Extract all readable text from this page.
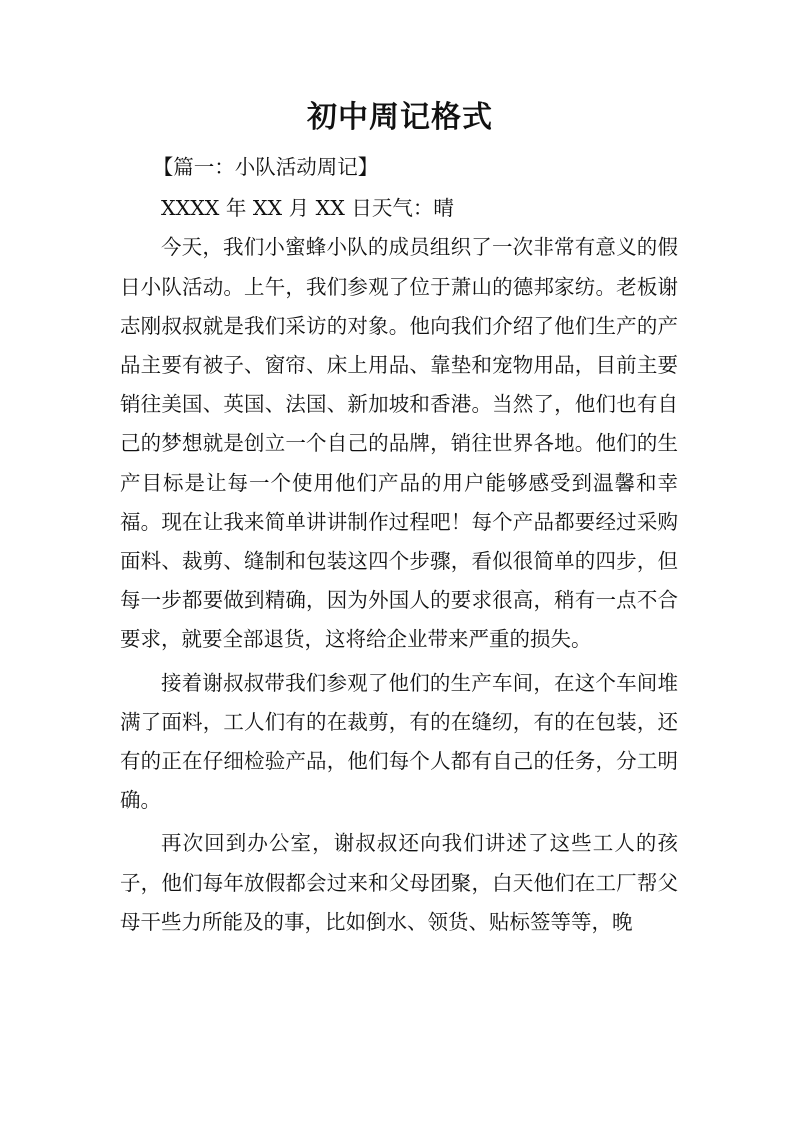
初中周记格式

【篇一：小队活动周记】

XXXX 年 XX 月 XX 日天气：晴

今天，我们小蜜蜂小队的成员组织了一次非常有意义的假日小队活动。上午，我们参观了位于萧山的德邦家纺。老板谢志刚叔叔就是我们采访的对象。他向我们介绍了他们生产的产品主要有被子、窗帘、床上用品、靠垫和宠物用品，目前主要销往美国、英国、法国、新加坡和香港。当然了，他们也有自己的梦想就是创立一个自己的品牌，销往世界各地。他们的生产目标是让每一个使用他们产品的用户能够感受到温馨和幸福。现在让我来简单讲讲制作过程吧！每个产品都要经过采购面料、裁剪、缝制和包装这四个步骤，看似很简单的四步，但每一步都要做到精确，因为外国人的要求很高，稍有一点不合要求，就要全部退货，这将给企业带来严重的损失。

接着谢叔叔带我们参观了他们的生产车间，在这个车间堆满了面料，工人们有的在裁剪，有的在缝纫，有的在包装，还有的正在仔细检验产品，他们每个人都有自己的任务，分工明确。

再次回到办公室，谢叔叔还向我们讲述了这些工人的孩子，他们每年放假都会过来和父母团聚，白天他们在工厂帮父母干些力所能及的事，比如倒水、领货、贴标签等等，晚
